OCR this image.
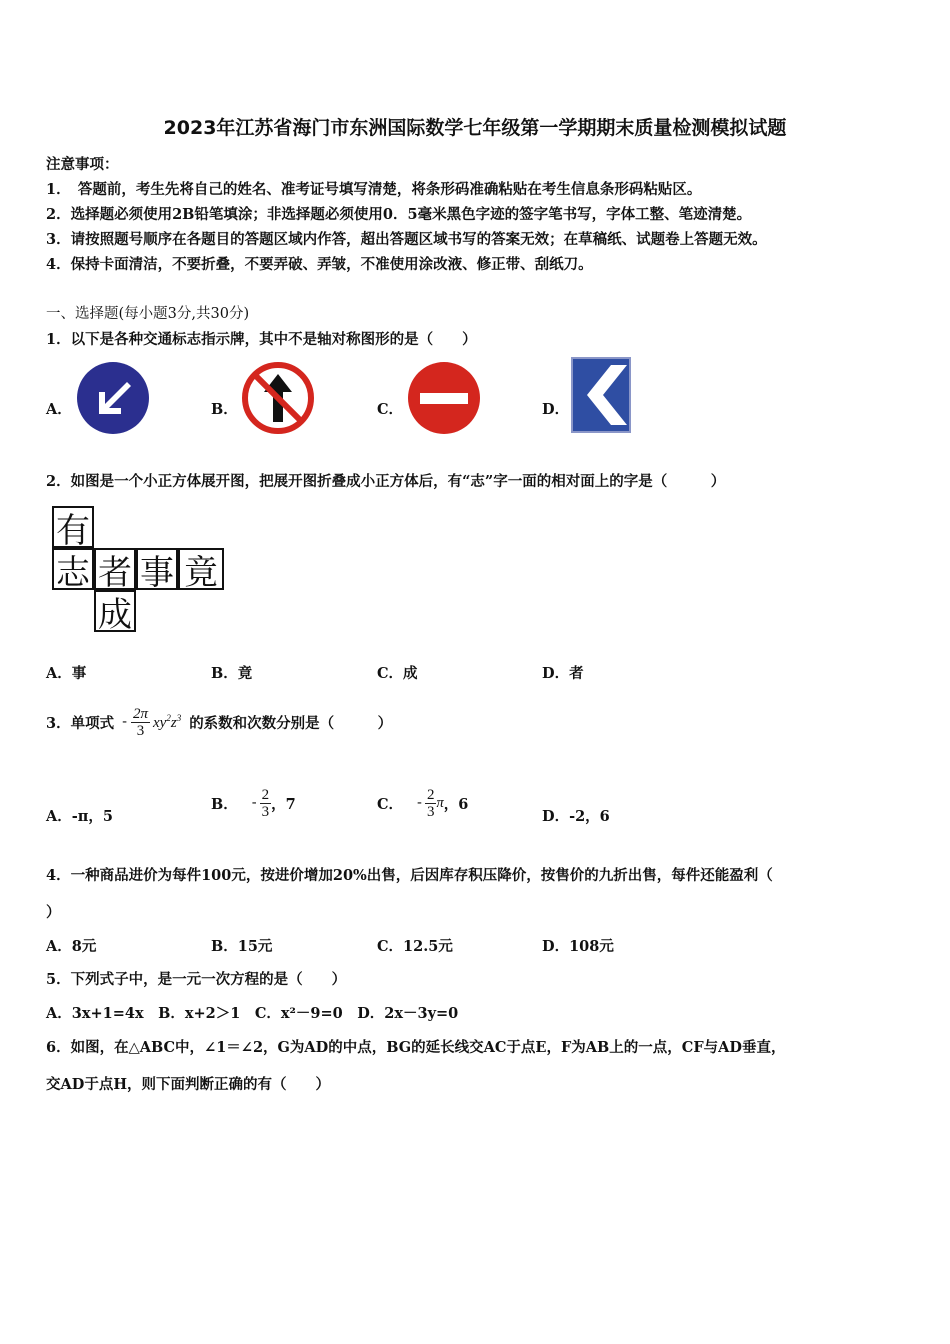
2023年江苏省海门市东洲国际数学七年级第一学期期末质量检测模拟试题
注意事项：
1．　答题前，考生先将自己的姓名、准考证号填写清楚，将条形码准确粘贴在考生信息条形码粘贴区。
2．选择题必须使用2B铅笔填涂；非选择题必须使用0．5毫米黑色字迹的签字笔书写，字体工整、笔迹清楚。
3．请按照题号顺序在各题目的答题区域内作答，超出答题区域书写的答案无效；在草稿纸、试题卷上答题无效。
4．保持卡面清洁，不要折叠，不要弄破、弄皱，不准使用涂改液、修正带、刮纸刀。
一、选择题(每小题3分,共30分)
1．以下是各种交通标志指示牌，其中不是轴对称图形的是（　　）
A．	B．	C．	D．
2．如图是一个小正方体展开图，把展开图折叠成小正方体后，有“志”字一面的相对面上的字是（　　　）
有
志 者 事 竟
成
A．事	B．竟	C．成	D．者
3．单项式 - $\frac{2\pi}{3} xy^2z^3$ 的系数和次数分别是（　　　）
A．-π，5
B． - $\frac{2}{3}$ ，7	C． - $\frac{2}{3}$ π ，6
D．-2，6
4．一种商品进价为每件100元，按进价增加20%出售，后因库存积压降价，按售价的九折出售，每件还能盈利（
）
A．8元	B．15元	C．12.5元	D．108元
5．下列式子中，是一元一次方程的是（　　）
A．3x+1=4x　B．x+2＞1　C．x²－9=0　D．2x－3y=0
6．如图，在△ABC中，∠1＝∠2，G为AD的中点，BG的延长线交AC于点E，F为AB上的一点，CF与AD垂直，
交AD于点H，则下面判断正确的有（　　）
